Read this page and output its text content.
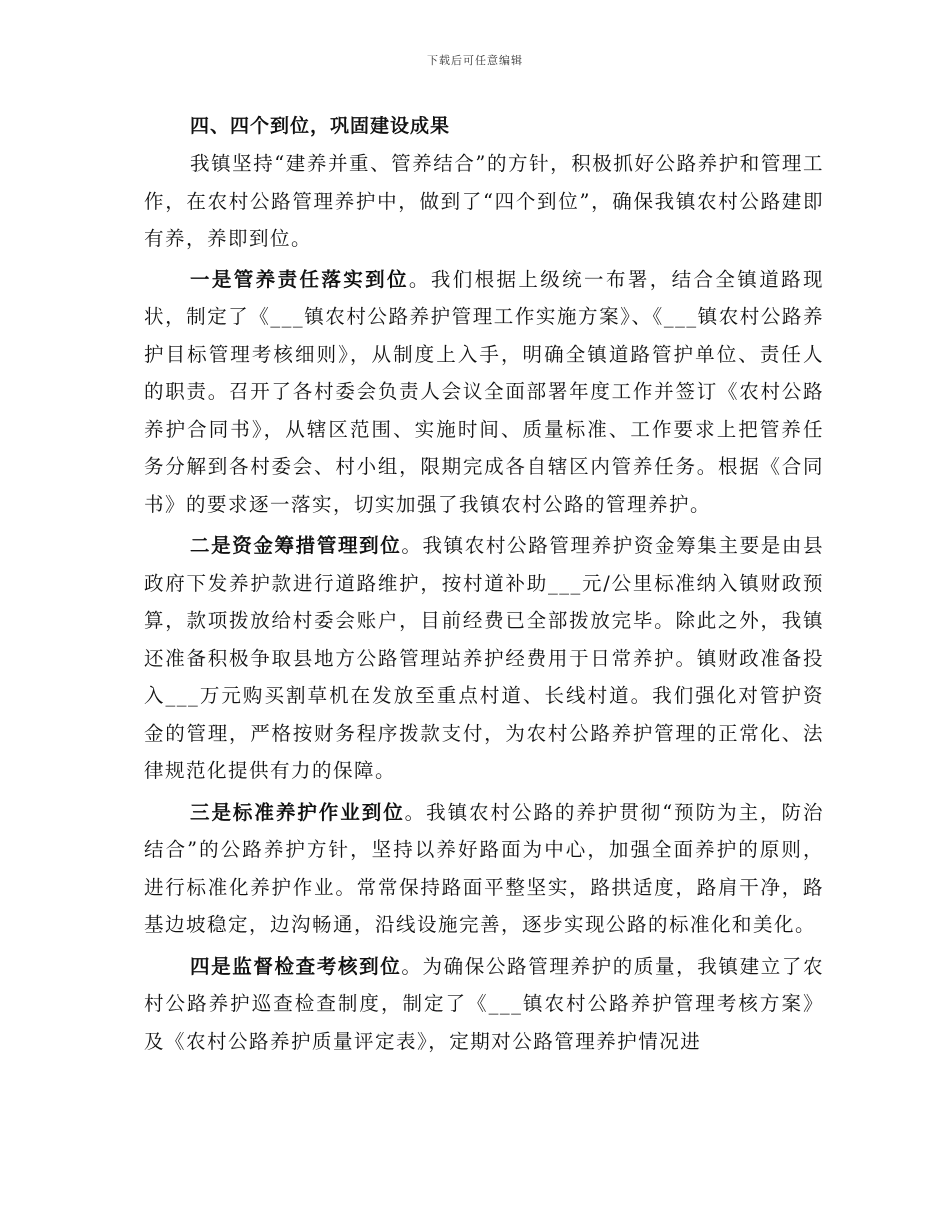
下载后可任意编辑

四、四个到位，巩固建设成果

我镇坚持“建养并重、管养结合”的方针，积极抓好公路养护和管理工作，在农村公路管理养护中，做到了“四个到位”，确保我镇农村公路建即有养，养即到位。

一是管养责任落实到位。我们根据上级统一布署，结合全镇道路现状，制定了《___镇农村公路养护管理工作实施方案》、《___镇农村公路养护目标管理考核细则》，从制度上入手，明确全镇道路管护单位、责任人的职责。召开了各村委会负责人会议全面部署年度工作并签订《农村公路养护合同书》，从辖区范围、实施时间、质量标准、工作要求上把管养任务分解到各村委会、村小组，限期完成各自辖区内管养任务。根据《合同书》的要求逐一落实，切实加强了我镇农村公路的管理养护。

二是资金筹措管理到位。我镇农村公路管理养护资金筹集主要是由县政府下发养护款进行道路维护，按村道补助___元/公里标准纳入镇财政预算，款项拨放给村委会账户，目前经费已全部拨放完毕。除此之外，我镇还准备积极争取县地方公路管理站养护经费用于日常养护。镇财政准备投入___万元购买割草机在发放至重点村道、长线村道。我们强化对管护资金的管理，严格按财务程序拨款支付，为农村公路养护管理的正常化、法律规范化提供有力的保障。

三是标准养护作业到位。我镇农村公路的养护贯彻“预防为主，防治结合”的公路养护方针，坚持以养好路面为中心，加强全面养护的原则，进行标准化养护作业。常常保持路面平整坚实，路拱适度，路肩干净，路基边坡稳定，边沟畅通，沿线设施完善，逐步实现公路的标准化和美化。

四是监督检查考核到位。为确保公路管理养护的质量，我镇建立了农村公路养护巡查检查制度，制定了《___镇农村公路养护管理考核方案》及《农村公路养护质量评定表》，定期对公路管理养护情况进
